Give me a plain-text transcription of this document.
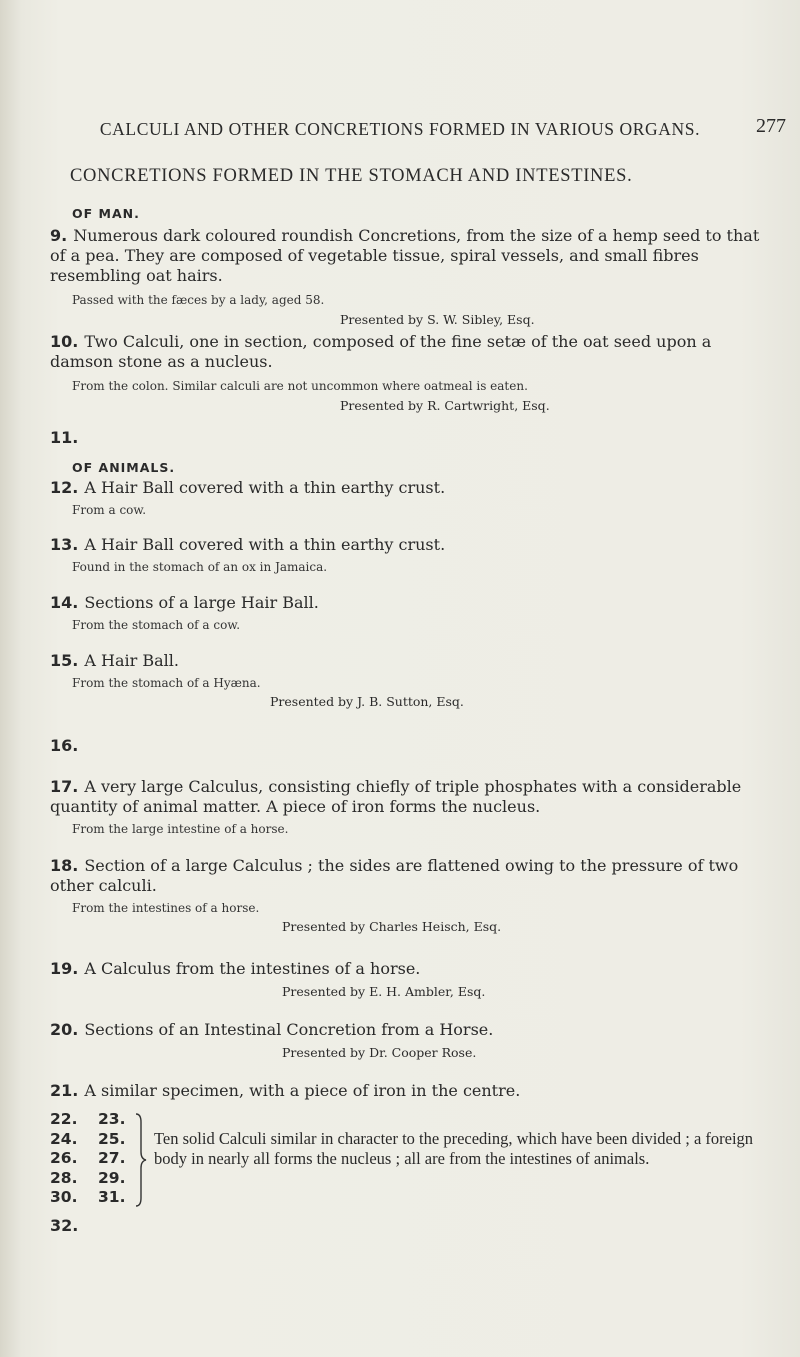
CALCULI AND OTHER CONCRETIONS FORMED IN VARIOUS ORGANS.	277
CONCRETIONS FORMED IN THE STOMACH AND INTESTINES.
OF MAN.
9. Numerous dark coloured roundish Concretions, from the size of a hemp seed to that of a pea. They are composed of vegetable tissue, spiral vessels, and small fibres resembling oat hairs.
Passed with the fæces by a lady, aged 58.
Presented by S. W. Sibley, Esq.
10. Two Calculi, one in section, composed of the fine setæ of the oat seed upon a damson stone as a nucleus.
From the colon. Similar calculi are not uncommon where oatmeal is eaten.
Presented by R. Cartwright, Esq.
11.
OF ANIMALS.
12. A Hair Ball covered with a thin earthy crust.
From a cow.
13. A Hair Ball covered with a thin earthy crust.
Found in the stomach of an ox in Jamaica.
14. Sections of a large Hair Ball.
From the stomach of a cow.
15. A Hair Ball.
From the stomach of a Hyæna.
Presented by J. B. Sutton, Esq.
16.
17. A very large Calculus, consisting chiefly of triple phosphates with a considerable quantity of animal matter. A piece of iron forms the nucleus.
From the large intestine of a horse.
18. Section of a large Calculus ; the sides are flattened owing to the pressure of two other calculi.
From the intestines of a horse.
Presented by Charles Heisch, Esq.
19. A Calculus from the intestines of a horse.
Presented by E. H. Ambler, Esq.
20. Sections of an Intestinal Concretion from a Horse.
Presented by Dr. Cooper Rose.
21. A similar specimen, with a piece of iron in the centre.
22.
24.
26.
28.
30.
23.
25.
27.
29.
31.
Ten solid Calculi similar in character to the preceding, which have been divided ; a foreign body in nearly all forms the nucleus ; all are from the intestines of animals.
32.
